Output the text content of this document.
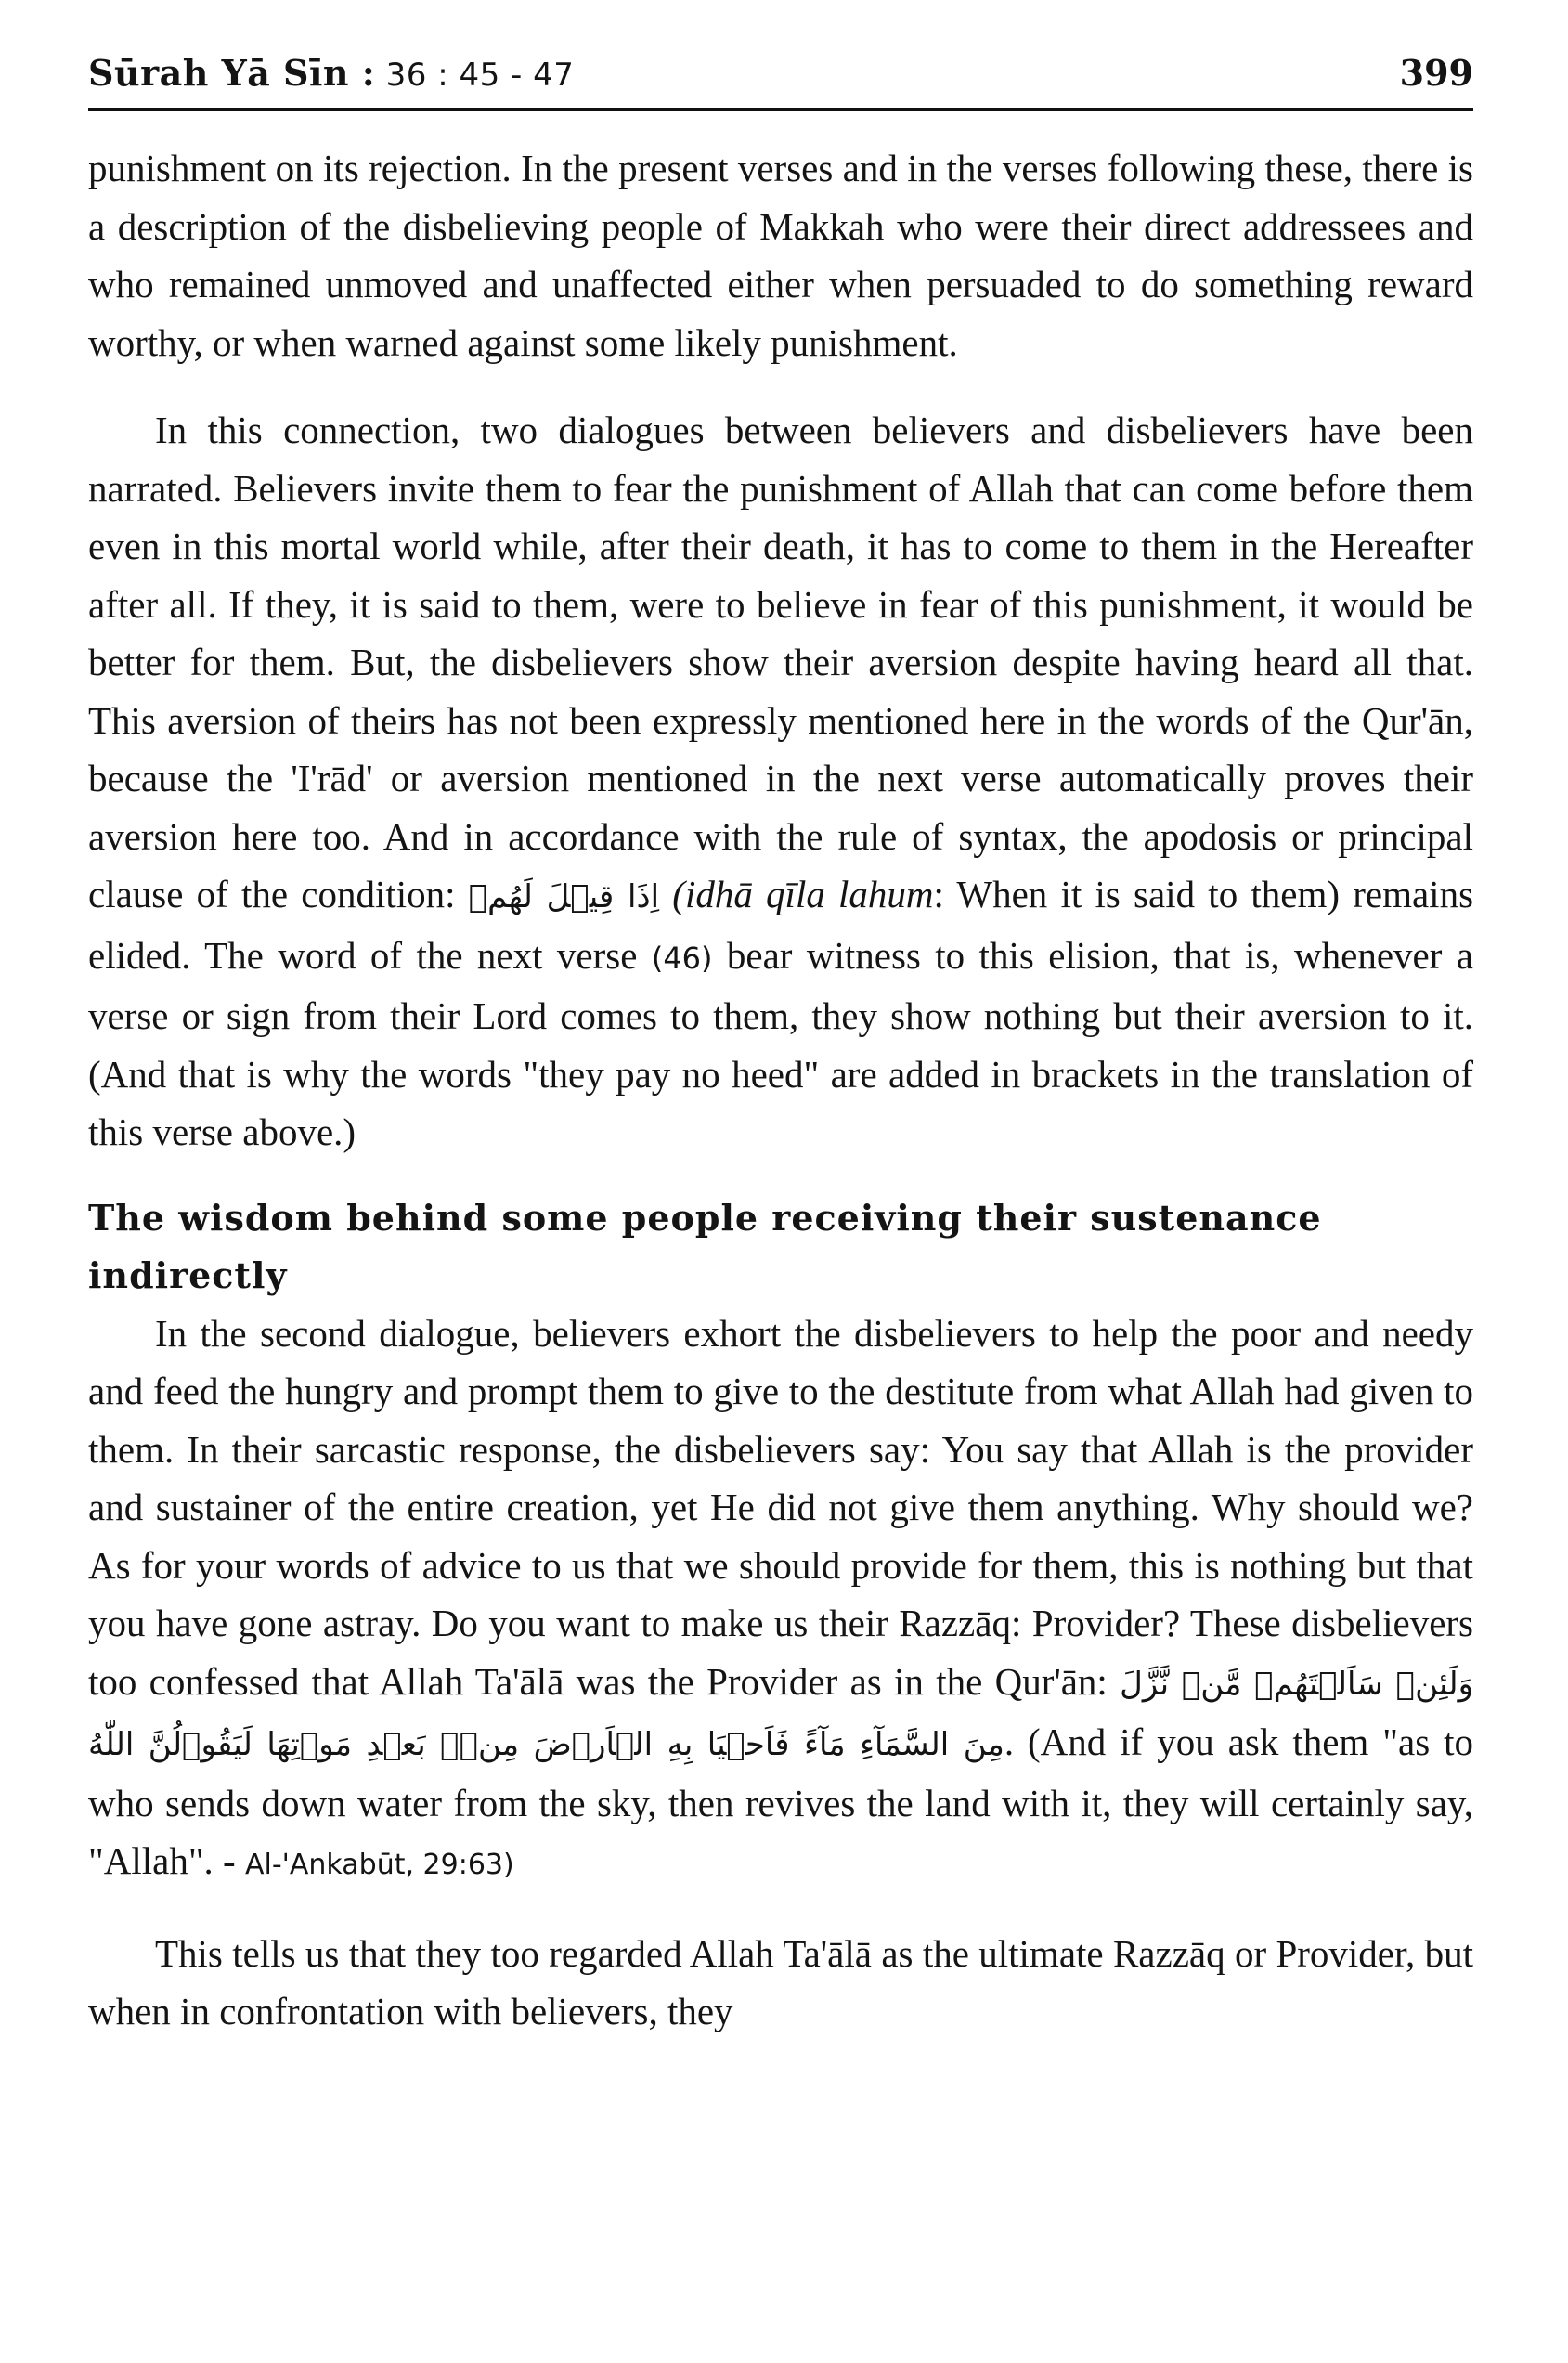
Sūrah Yā Sīn : 36 : 45 - 47	399

punishment on its rejection. In the present verses and in the verses following these, there is a description of the disbelieving people of Makkah who were their direct addressees and who remained unmoved and unaffected either when persuaded to do something reward worthy, or when warned against some likely punishment.

In this connection, two dialogues between believers and disbelievers have been narrated. Believers invite them to fear the punishment of Allah that can come before them even in this mortal world while, after their death, it has to come to them in the Hereafter after all. If they, it is said to them, were to believe in fear of this punishment, it would be better for them. But, the disbelievers show their aversion despite having heard all that. This aversion of theirs has not been expressly mentioned here in the words of the Qur'ān, because the 'I'rād' or aversion mentioned in the next verse automatically proves their aversion here too. And in accordance with the rule of syntax, the apodosis or principal clause of the condition: اِذَا قِيۡلَ لَهُمۡ (idhā qīla lahum: When it is said to them) remains elided. The word of the next verse (46) bear witness to this elision, that is, whenever a verse or sign from their Lord comes to them, they show nothing but their aversion to it. (And that is why the words "they pay no heed" are added in brackets in the translation of this verse above.)

The wisdom behind some people receiving their sustenance indirectly

In the second dialogue, believers exhort the disbelievers to help the poor and needy and feed the hungry and prompt them to give to the destitute from what Allah had given to them. In their sarcastic response, the disbelievers say: You say that Allah is the provider and sustainer of the entire creation, yet He did not give them anything. Why should we? As for your words of advice to us that we should provide for them, this is nothing but that you have gone astray. Do you want to make us their Razzāq: Provider? These disbelievers too confessed that Allah Ta'ālā was the Provider as in the Qur'ān: وَلَئِنۡ سَاَلۡتَهُمۡ مَّنۡ نَّزَّلَ مِنَ السَّمَآءِ مَآءً فَاَحۡيَا بِهِ الۡاَرۡضَ مِنۡۢ بَعۡدِ مَوۡتِهَا لَيَقُوۡلُنَّ اللّٰهُ. (And if you ask them "as to who sends down water from the sky, then revives the land with it, they will certainly say, "Allah". - Al-'Ankabūt, 29:63)

This tells us that they too regarded Allah Ta'ālā as the ultimate Razzāq or Provider, but when in confrontation with believers, they
